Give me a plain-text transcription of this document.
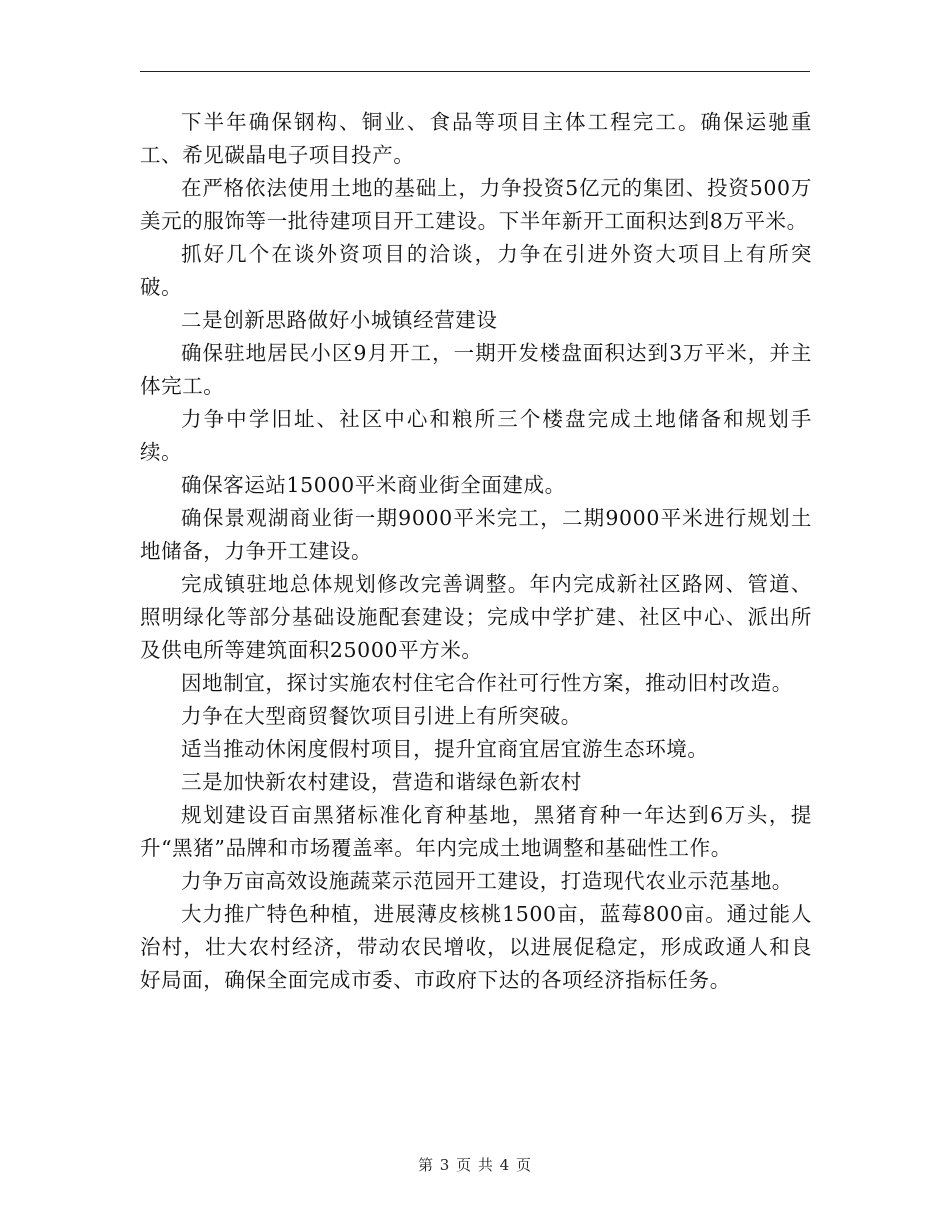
下半年确保钢构、铜业、食品等项目主体工程完工。确保运驰重工、希见碳晶电子项目投产。

在严格依法使用土地的基础上，力争投资5亿元的集团、投资500万美元的服饰等一批待建项目开工建设。下半年新开工面积达到8万平米。

抓好几个在谈外资项目的洽谈，力争在引进外资大项目上有所突破。

二是创新思路做好小城镇经营建设

确保驻地居民小区9月开工，一期开发楼盘面积达到3万平米，并主体完工。

力争中学旧址、社区中心和粮所三个楼盘完成土地储备和规划手续。

确保客运站15000平米商业街全面建成。

确保景观湖商业街一期9000平米完工，二期9000平米进行规划土地储备，力争开工建设。

完成镇驻地总体规划修改完善调整。年内完成新社区路网、管道、照明绿化等部分基础设施配套建设；完成中学扩建、社区中心、派出所及供电所等建筑面积25000平方米。

因地制宜，探讨实施农村住宅合作社可行性方案，推动旧村改造。

力争在大型商贸餐饮项目引进上有所突破。

适当推动休闲度假村项目，提升宜商宜居宜游生态环境。

三是加快新农村建设，营造和谐绿色新农村

规划建设百亩黑猪标准化育种基地，黑猪育种一年达到6万头，提升“黑猪”品牌和市场覆盖率。年内完成土地调整和基础性工作。

力争万亩高效设施蔬菜示范园开工建设，打造现代农业示范基地。

大力推广特色种植，进展薄皮核桃1500亩，蓝莓800亩。通过能人治村，壮大农村经济，带动农民增收，以进展促稳定，形成政通人和良好局面，确保全面完成市委、市政府下达的各项经济指标任务。

第 3 页 共 4 页
